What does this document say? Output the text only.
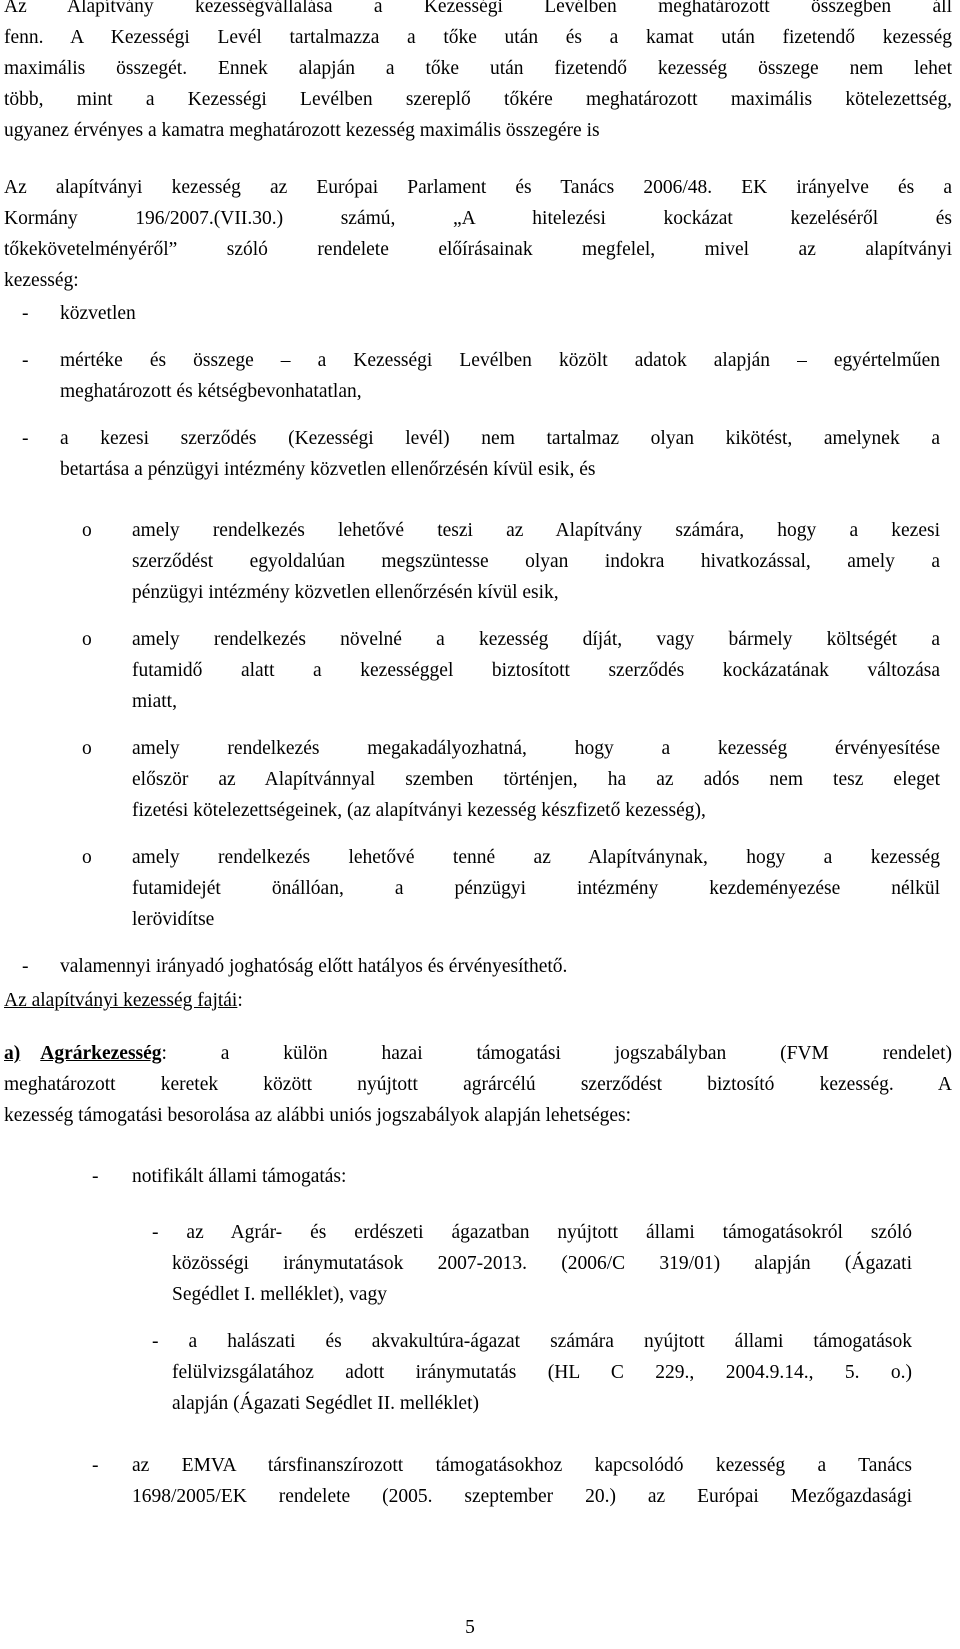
Az Alapítvány kezességvállalása a Kezességi Levélben meghatározott összegben áll
fenn. A Kezességi Levél tartalmazza a tőke után és a kamat után fizetendő kezesség
maximális összegét. Ennek alapján a tőke után fizetendő kezesség összege nem lehet
több, mint a Kezességi Levélben szereplő tőkére meghatározott maximális kötelezettség,
ugyanez érvényes a kamatra meghatározott kezesség maximális összegére is
Az alapítványi kezesség az Európai Parlament és Tanács 2006/48. EK irányelve és a
Kormány 196/2007.(VII.30.) számú, „A hitelezési kockázat kezeléséről és
tőkekövetelményéről” szóló rendelete előírásainak megfelel, mivel az alapítványi
kezesség:
- közvetlen
- mértéke és összege – a Kezességi Levélben közölt adatok alapján – egyértelműen
meghatározott és kétségbevonhatatlan,
- a kezesi szerződés (Kezességi levél) nem tartalmaz olyan kikötést, amelynek a
betartása a pénzügyi intézmény közvetlen ellenőrzésén kívül esik, és
o amely rendelkezés lehetővé teszi az Alapítvány számára, hogy a kezesi
szerződést egyoldalúan megszüntesse olyan indokra hivatkozással, amely a
pénzügyi intézmény közvetlen ellenőrzésén kívül esik,
o amely rendelkezés növelné a kezesség díját, vagy bármely költségét a
futamidő alatt a kezességgel biztosított szerződés kockázatának változása
miatt,
o amely rendelkezés megakadályozhatná, hogy a kezesség érvényesítése
először az Alapítvánnyal szemben történjen, ha az adós nem tesz eleget
fizetési kötelezettségeinek, (az alapítványi kezesség készfizető kezesség),
o amely rendelkezés lehetővé tenné az Alapítványnak, hogy a kezesség
futamidejét önállóan, a pénzügyi intézmény kezdeményezése nélkül
lerövidítse
- valamennyi irányadó joghatóság előtt hatályos és érvényesíthető.
Az alapítványi kezesség fajtái:
a) Agrárkezesség: a külön hazai támogatási jogszabályban (FVM rendelet)
meghatározott keretek között nyújtott agrárcélú szerződést biztosító kezesség. A
kezesség támogatási besorolása az alábbi uniós jogszabályok alapján lehetséges:
- notifikált állami támogatás:
- az Agrár- és erdészeti ágazatban nyújtott állami támogatásokról szóló
közösségi iránymutatások 2007-2013. (2006/C 319/01) alapján (Ágazati
Segédlet I. melléklet), vagy
- a halászati és akvakultúra-ágazat számára nyújtott állami támogatások
felülvizsgálatához adott iránymutatás (HL C 229., 2004.9.14., 5. o.)
alapján (Ágazati Segédlet II. melléklet)
- az EMVA társfinanszírozott támogatásokhoz kapcsolódó kezesség a Tanács
1698/2005/EK rendelete (2005. szeptember 20.) az Európai Mezőgazdasági
5
